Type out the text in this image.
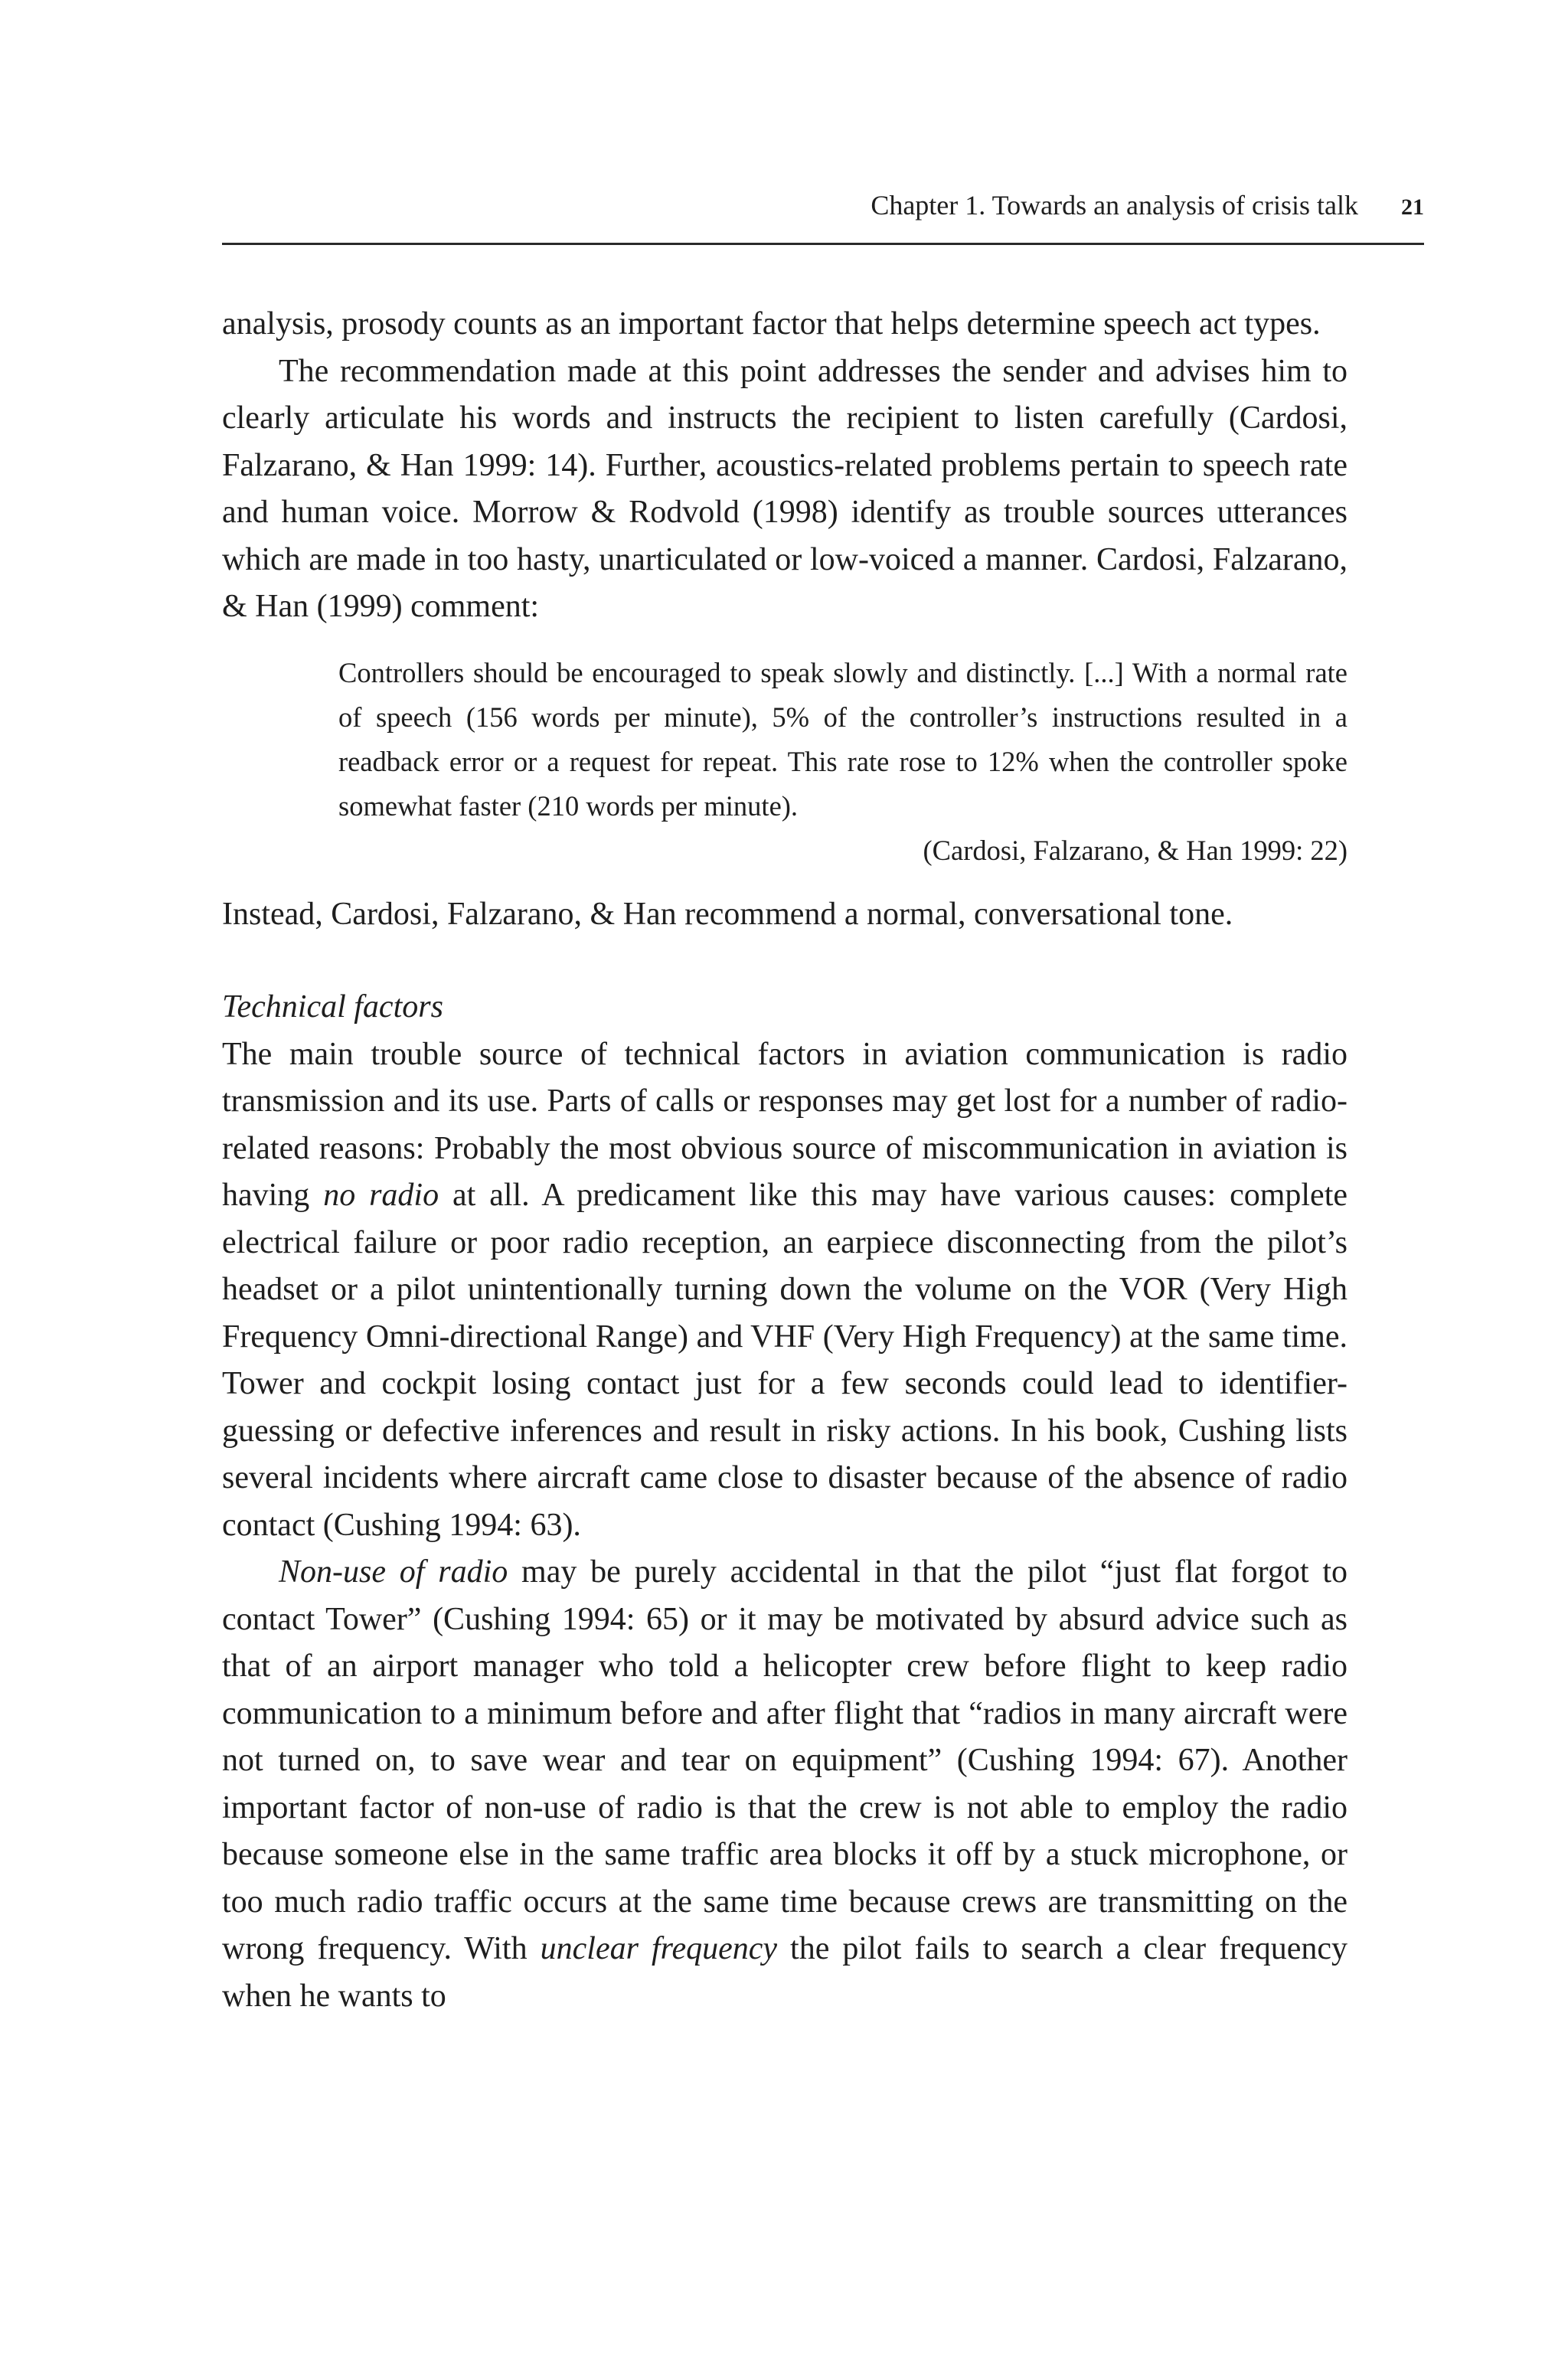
Chapter 1. Towards an analysis of crisis talk 21

analysis, prosody counts as an important factor that helps determine speech act types.

The recommendation made at this point addresses the sender and advises him to clearly articulate his words and instructs the recipient to listen carefully (Cardosi, Falzarano, & Han 1999: 14). Further, acoustics-related problems pertain to speech rate and human voice. Morrow & Rodvold (1998) identify as trouble sources utterances which are made in too hasty, unarticulated or low-voiced a manner. Cardosi, Falzarano, & Han (1999) comment:

Controllers should be encouraged to speak slowly and distinctly. [...] With a normal rate of speech (156 words per minute), 5% of the controller’s instructions resulted in a readback error or a request for repeat. This rate rose to 12% when the controller spoke somewhat faster (210 words per minute).
(Cardosi, Falzarano, & Han 1999: 22)

Instead, Cardosi, Falzarano, & Han recommend a normal, conversational tone.

Technical factors

The main trouble source of technical factors in aviation communication is radio transmission and its use. Parts of calls or responses may get lost for a number of radio-related reasons: Probably the most obvious source of miscommunication in aviation is having no radio at all. A predicament like this may have various causes: complete electrical failure or poor radio reception, an earpiece disconnecting from the pilot’s headset or a pilot unintentionally turning down the volume on the VOR (Very High Frequency Omni-directional Range) and VHF (Very High Frequency) at the same time. Tower and cockpit losing contact just for a few seconds could lead to identifier-guessing or defective inferences and result in risky actions. In his book, Cushing lists several incidents where aircraft came close to disaster because of the absence of radio contact (Cushing 1994: 63).

Non-use of radio may be purely accidental in that the pilot “just flat forgot to contact Tower” (Cushing 1994: 65) or it may be motivated by absurd advice such as that of an airport manager who told a helicopter crew before flight to keep radio communication to a minimum before and after flight that “radios in many aircraft were not turned on, to save wear and tear on equipment” (Cushing 1994: 67). Another important factor of non-use of radio is that the crew is not able to employ the radio because someone else in the same traffic area blocks it off by a stuck microphone, or too much radio traffic occurs at the same time because crews are transmitting on the wrong frequency. With unclear frequency the pilot fails to search a clear frequency when he wants to
